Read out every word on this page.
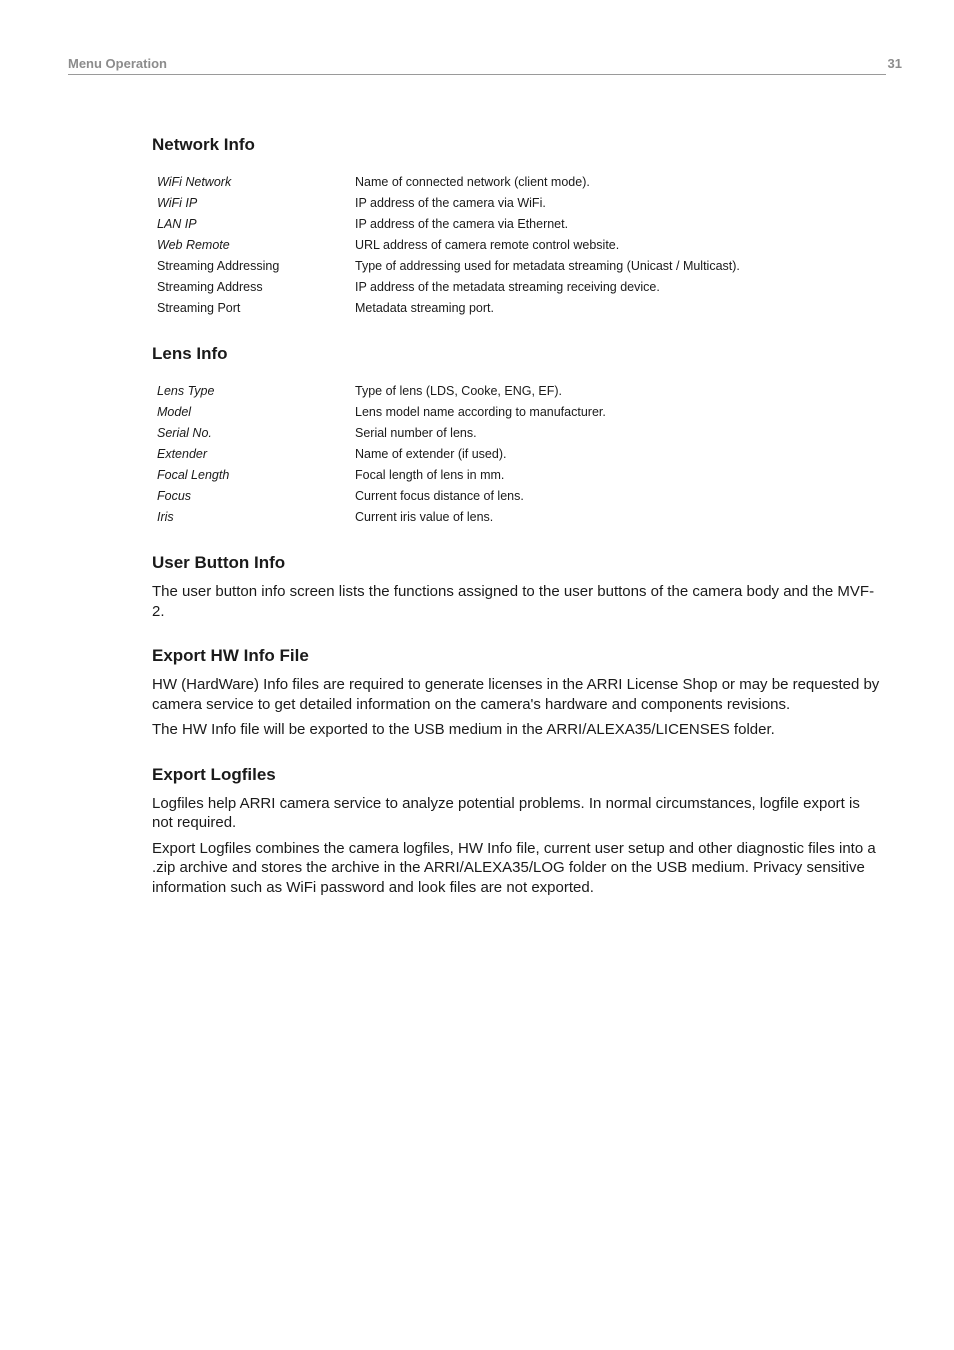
Menu Operation	31
Network Info
WiFi Network	Name of connected network (client mode).
WiFi IP	IP address of the camera via WiFi.
LAN IP	IP address of the camera via Ethernet.
Web Remote	URL address of camera remote control website.
Streaming Addressing	Type of addressing used for metadata streaming (Unicast / Multicast).
Streaming Address	IP address of the metadata streaming receiving device.
Streaming Port	Metadata streaming port.
Lens Info
Lens Type	Type of lens (LDS, Cooke, ENG, EF).
Model	Lens model name according to manufacturer.
Serial No.	Serial number of lens.
Extender	Name of extender (if used).
Focal Length	Focal length of lens in mm.
Focus	Current focus distance of lens.
Iris	Current iris value of lens.
User Button Info

The user button info screen lists the functions assigned to the user buttons of the camera body and the MVF-2.

Export HW Info File

HW (HardWare) Info files are required to generate licenses in the ARRI License Shop or may be requested by camera service to get detailed information on the camera's hardware and components revisions.

The HW Info file will be exported to the USB medium in the ARRI/ALEXA35/LICENSES folder.

Export Logfiles

Logfiles help ARRI camera service to analyze potential problems. In normal circumstances, logfile export is not required.

Export Logfiles combines the camera logfiles, HW Info file, current user setup and other diagnostic files into a .zip archive and stores the archive in the ARRI/ALEXA35/LOG folder on the USB medium. Privacy sensitive information such as WiFi password and look files are not exported.
